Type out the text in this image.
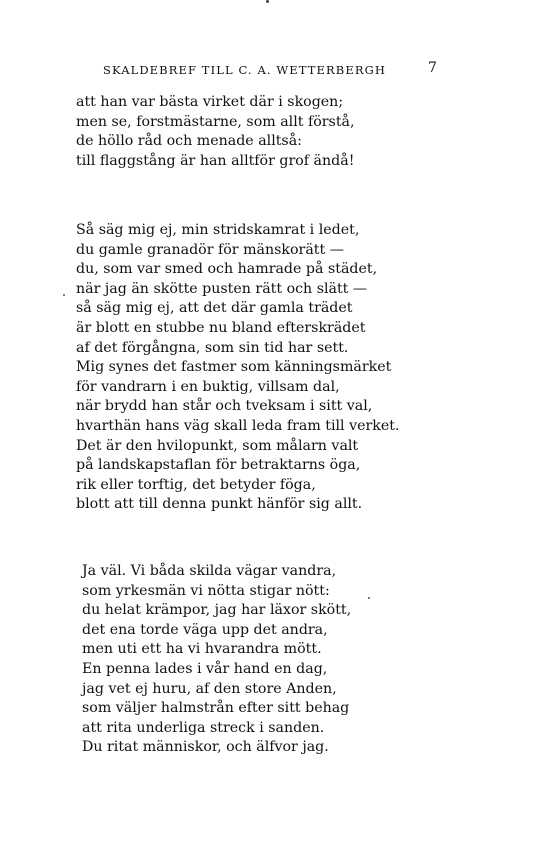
SKALDEBREF TILL C. A. WETTERBERGH	7
att han var bästa virket där i skogen;
men se, forstmästarne, som allt förstå,
de höllo råd och menade alltså:
till flaggstång är han alltför grof ändå!
Så säg mig ej, min stridskamrat i ledet,
du gamle granadör för mänskorätt —
du, som var smed och hamrade på städet,
när jag än skötte pusten rätt och slätt —
så säg mig ej, att det där gamla trädet
är blott en stubbe nu bland efterskrädet
af det förgångna, som sin tid har sett.
Mig synes det fastmer som känningsmärket
för vandrarn i en buktig, villsam dal,
när brydd han står och tveksam i sitt val,
hvarthän hans väg skall leda fram till verket.
Det är den hvilopunkt, som målarn valt
på landskapstaflan för betraktarns öga,
rik eller torftig, det betyder föga,
blott att till denna punkt hänför sig allt.
Ja väl. Vi båda skilda vägar vandra,
som yrkesmän vi nötta stigar nött:
du helat krämpor, jag har läxor skött,
det ena torde väga upp det andra,
men uti ett ha vi hvarandra mött.
En penna lades i vår hand en dag,
jag vet ej huru, af den store Anden,
som väljer halmstrån efter sitt behag
att rita underliga streck i sanden.
Du ritat människor, och älfvor jag.
